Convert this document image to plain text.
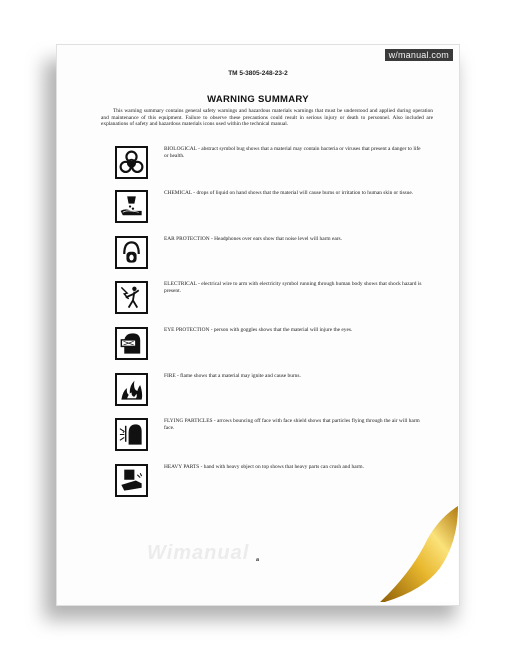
w/manual.com
TM 5-3805-248-23-2
WARNING SUMMARY
This warning summary contains general safety warnings and hazardous materials warnings that must be understood and applied during operation and maintenance of this equipment. Failure to observe these precautions could result in serious injury or death to personnel. Also included are explanations of safety and hazardous materials icons used within the technical manual.
BIOLOGICAL - abstract symbol bug shows that a material may contain bacteria or viruses that present a danger to life or health.
CHEMICAL - drops of liquid on hand shows that the material will cause burns or irritation to human skin or tissue.
EAR PROTECTION - Headphones over ears show that noise level will harm ears.
ELECTRICAL - electrical wire to arm with electricity symbol running through human body shows that shock hazard is present.
EYE PROTECTION - person with goggles shows that the material will injure the eyes.
FIRE - flame shows that a material may ignite and cause burns.
FLYING PARTICLES - arrows bouncing off face with face shield shows that particles flying through the air will harm face.
HEAVY PARTS - hand with heavy object on top shows that heavy parts can crush and harm.
Wimanual a
